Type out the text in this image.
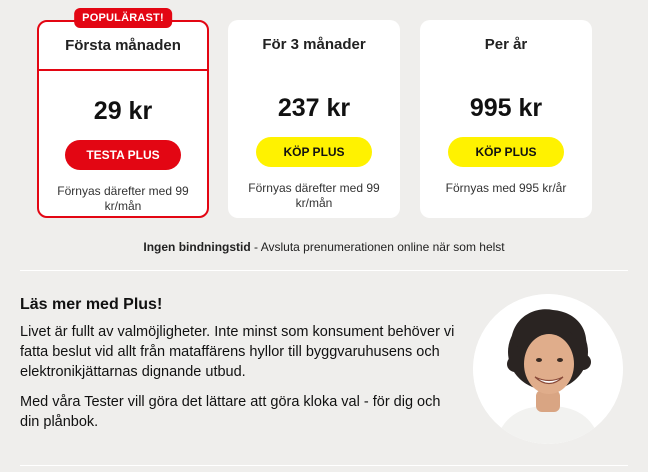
POPULÄRAST!
Första månaden
29 kr
TESTA PLUS
Förnyas därefter med 99 kr/mån
För 3 månader
237 kr
KÖP PLUS
Förnyas därefter med 99 kr/mån
Per år
995 kr
KÖP PLUS
Förnyas med 995 kr/år
Ingen bindningstid - Avsluta prenumerationen online när som helst
Läs mer med Plus!

Livet är fullt av valmöjligheter. Inte minst som konsument behöver vi fatta beslut vid allt från mataffärens hyllor till byggvaruhusens och elektronikjättarnas dignande utbud.

Med våra Tester vill göra det lättare att göra kloka val - för dig och din plånbok.
